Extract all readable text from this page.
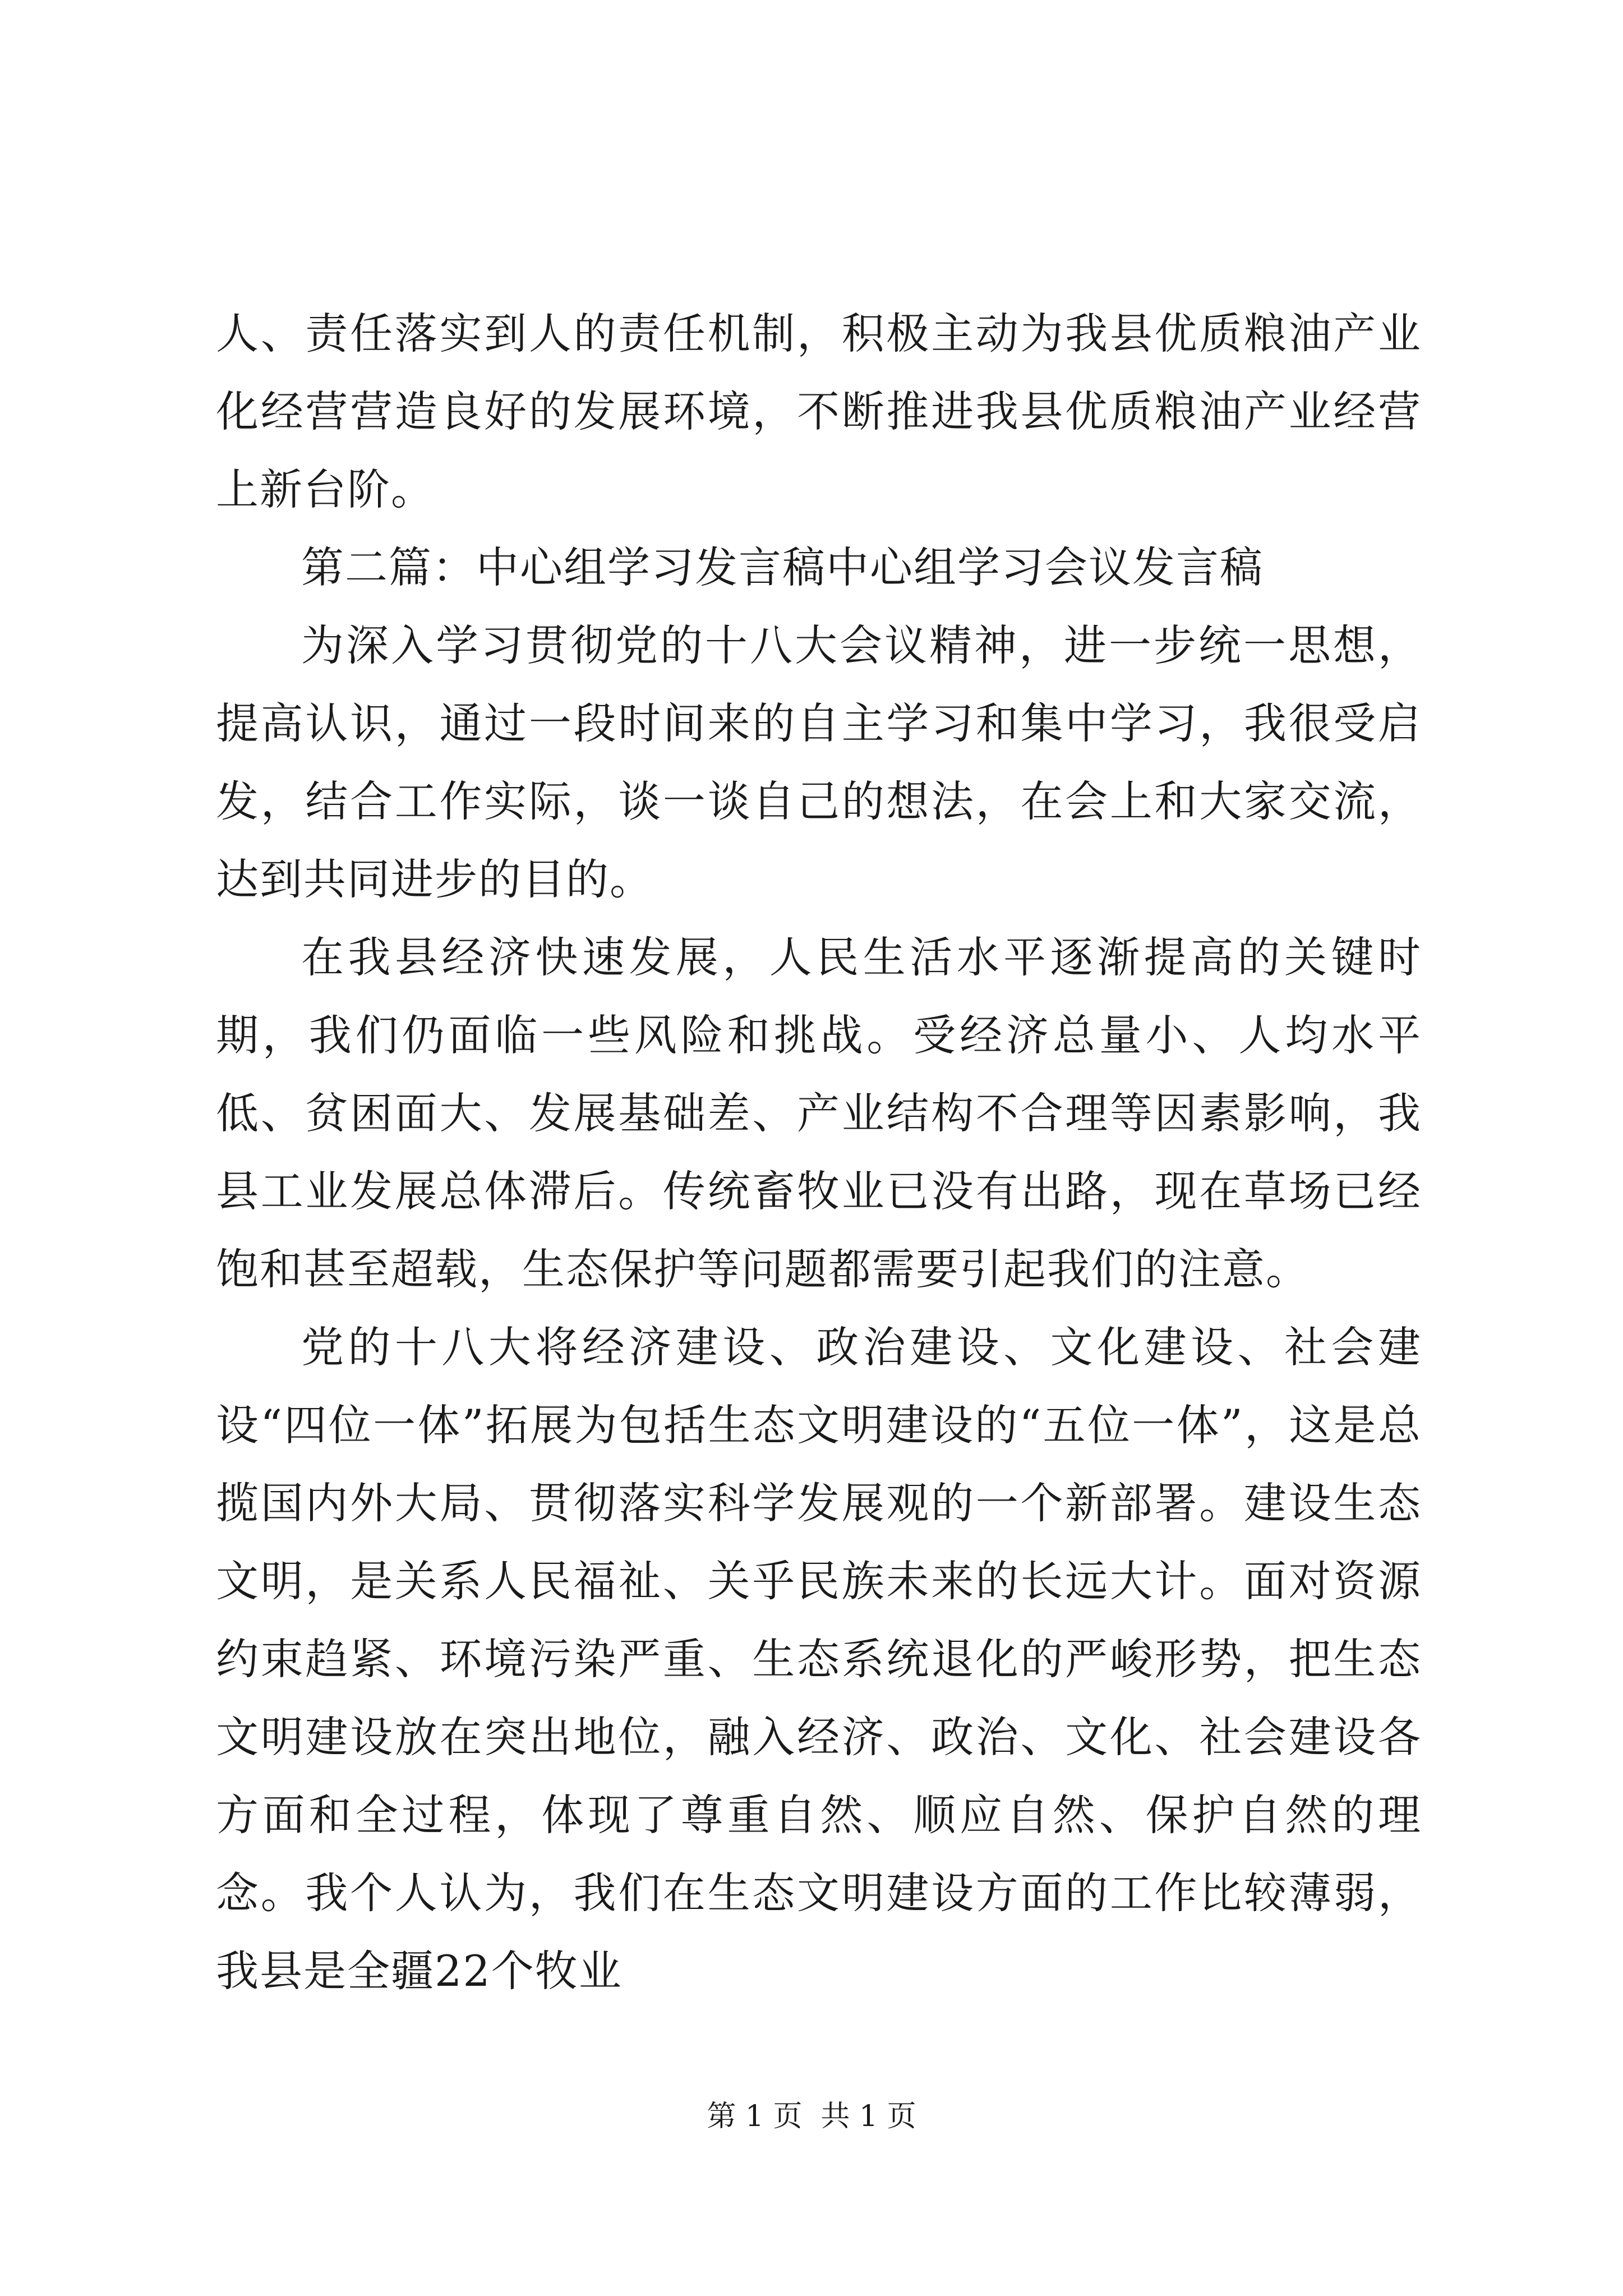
人、责任落实到人的责任机制，积极主动为我县优质粮油产业化经营营造良好的发展环境，不断推进我县优质粮油产业经营上新台阶。

第二篇：中心组学习发言稿中心组学习会议发言稿

为深入学习贯彻党的十八大会议精神，进一步统一思想，提高认识，通过一段时间来的自主学习和集中学习，我很受启发，结合工作实际，谈一谈自己的想法，在会上和大家交流，达到共同进步的目的。

在我县经济快速发展，人民生活水平逐渐提高的关键时期，我们仍面临一些风险和挑战。受经济总量小、人均水平低、贫困面大、发展基础差、产业结构不合理等因素影响，我县工业发展总体滞后。传统畜牧业已没有出路，现在草场已经饱和甚至超载，生态保护等问题都需要引起我们的注意。

党的十八大将经济建设、政治建设、文化建设、社会建设“四位一体”拓展为包括生态文明建设的“五位一体”，这是总揽国内外大局、贯彻落实科学发展观的一个新部署。建设生态文明，是关系人民福祉、关乎民族未来的长远大计。面对资源约束趋紧、环境污染严重、生态系统退化的严峻形势，把生态文明建设放在突出地位，融入经济、政治、文化、社会建设各方面和全过程，体现了尊重自然、顺应自然、保护自然的理念。我个人认为，我们在生态文明建设方面的工作比较薄弱，我县是全疆22个牧业

第 1 页  共 1 页
